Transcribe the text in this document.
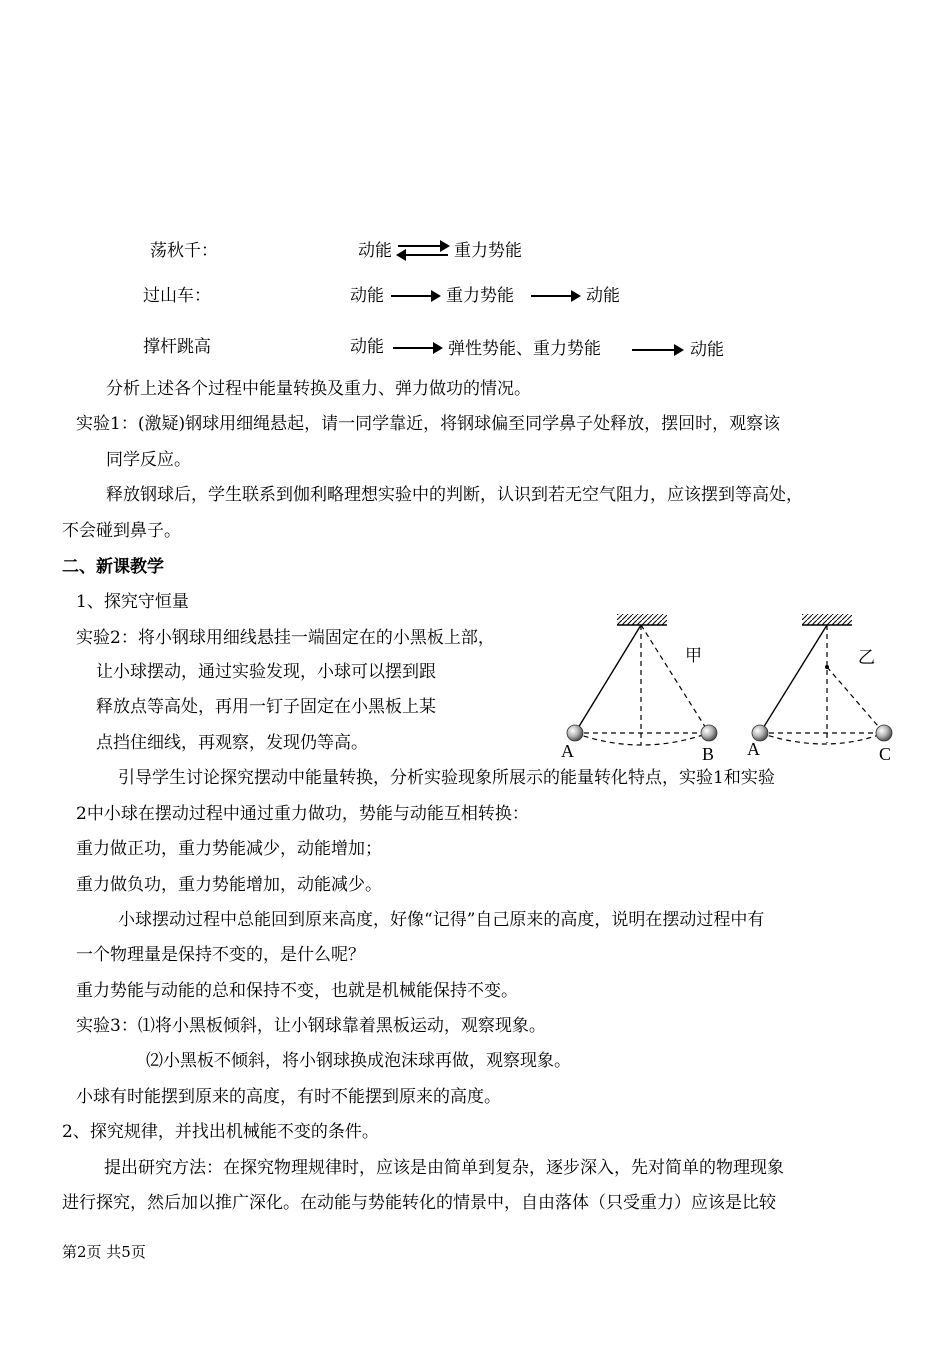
荡秋千：	动能	重力势能
过山车：	动能	重力势能	动能
撑杆跳高	动能	弹性势能、重力势能	动能
分析上述各个过程中能量转换及重力、弹力做功的情况。
实验1：(激疑)钢球用细绳悬起，请一同学靠近，将钢球偏至同学鼻子处释放，摆回时，观察该
同学反应。
释放钢球后，学生联系到伽利略理想实验中的判断，认识到若无空气阻力，应该摆到等高处，
不会碰到鼻子。
二、新课教学
1、探究守恒量
实验2：将小钢球用细线悬挂一端固定在的小黑板上部，
让小球摆动，通过实验发现，小球可以摆到跟
释放点等高处，再用一钉子固定在小黑板上某
点挡住细线，再观察，发现仍等高。
甲
A	B
乙
A	C
引导学生讨论探究摆动中能量转换，分析实验现象所展示的能量转化特点，实验1和实验
2中小球在摆动过程中通过重力做功，势能与动能互相转换：
重力做正功，重力势能减少，动能增加；
重力做负功，重力势能增加，动能减少。
小球摆动过程中总能回到原来高度，好像“记得”自己原来的高度，说明在摆动过程中有
一个物理量是保持不变的，是什么呢？
重力势能与动能的总和保持不变，也就是机械能保持不变。
实验3：⑴将小黑板倾斜，让小钢球靠着黑板运动，观察现象。
⑵小黑板不倾斜，将小钢球换成泡沫球再做，观察现象。
小球有时能摆到原来的高度，有时不能摆到原来的高度。
2、探究规律，并找出机械能不变的条件。
提出研究方法：在探究物理规律时，应该是由简单到复杂，逐步深入，先对简单的物理现象
进行探究，然后加以推广深化。在动能与势能转化的情景中，自由落体（只受重力）应该是比较
第2页 共5页
